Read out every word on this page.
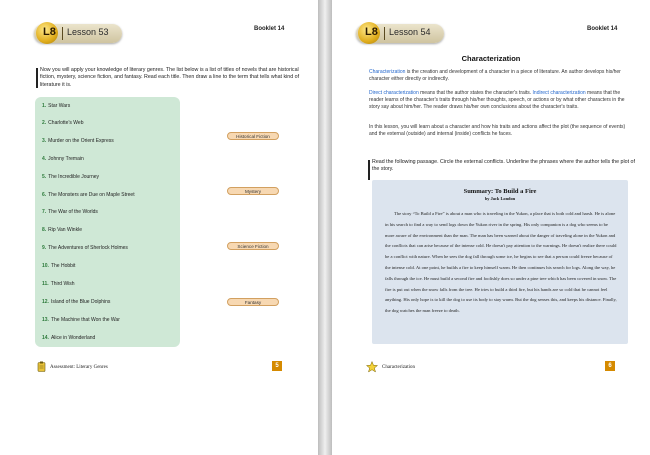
L8 Lesson 53	Booklet 14
Now you will apply your knowledge of literary genres. The list below is a list of titles of novels that are historical fiction, mystery, science fiction, and fantasy. Read each title. Then draw a line to the term that tells what kind of literature it is.
1. Star Wars
2. Charlotte's Web
3. Murder on the Orient Express
4. Johnny Tremain
5. The Incredible Journey
6. The Monsters are Due on Maple Street
7. The War of the Worlds
8. Rip Van Winkle
9. The Adventures of Sherlock Holmes
10. The Hobbit
11. Third Wish
12. Island of the Blue Dolphins
13. The Machine that Won the War
14. Alice in Wonderland
Historical Fiction
Mystery
Science Fiction
Fantasy
Assessment: Literary Genres	5
L8 Lesson 54	Booklet 14
Characterization
Characterization is the creation and development of a character in a piece of literature. An author develops his/her character either directly or indirectly.
Direct characterization means that the author states the character's traits. Indirect characterization means that the reader learns of the character's traits through his/her thoughts, speech, or actions or by what other characters in the story say about him/her. The reader draws his/her own conclusions about the character's traits.
In this lesson, you will learn about a character and how his traits and actions affect the plot (the sequence of events) and the external (outside) and internal (inside) conflicts he faces.
Read the following passage. Circle the external conflicts. Underline the phrases where the author tells the plot of the story.
Summary: To Build a Fire
by Jack London
The story “To Build a Fire” is about a man who is traveling in the Yukon, a place that is both cold and harsh. He is alone in his search to find a way to send logs down the Yukon river in the spring. His only companion is a dog who seems to be more aware of the environment than the man. The man has been warned about the danger of traveling alone in the Yukon and the conflicts that can arise because of the intense cold. He doesn't pay attention to the warnings. He doesn't realize there could be a conflict with nature. When he sees the dog fall through some ice, he begins to see that a person could freeze because of the intense cold. At one point, he builds a fire to keep himself warm. He then continues his search for logs. Along the way, he falls through the ice. He must build a second fire and foolishly does so under a pine tree which has been covered in snow. The fire is put out when the snow falls from the tree. He tries to build a third fire, but his hands are so cold that he cannot feel anything. His only hope is to kill the dog to use its body to stay warm. But the dog senses this, and keeps his distance. Finally, the dog watches the man freeze to death.
Characterization	6
